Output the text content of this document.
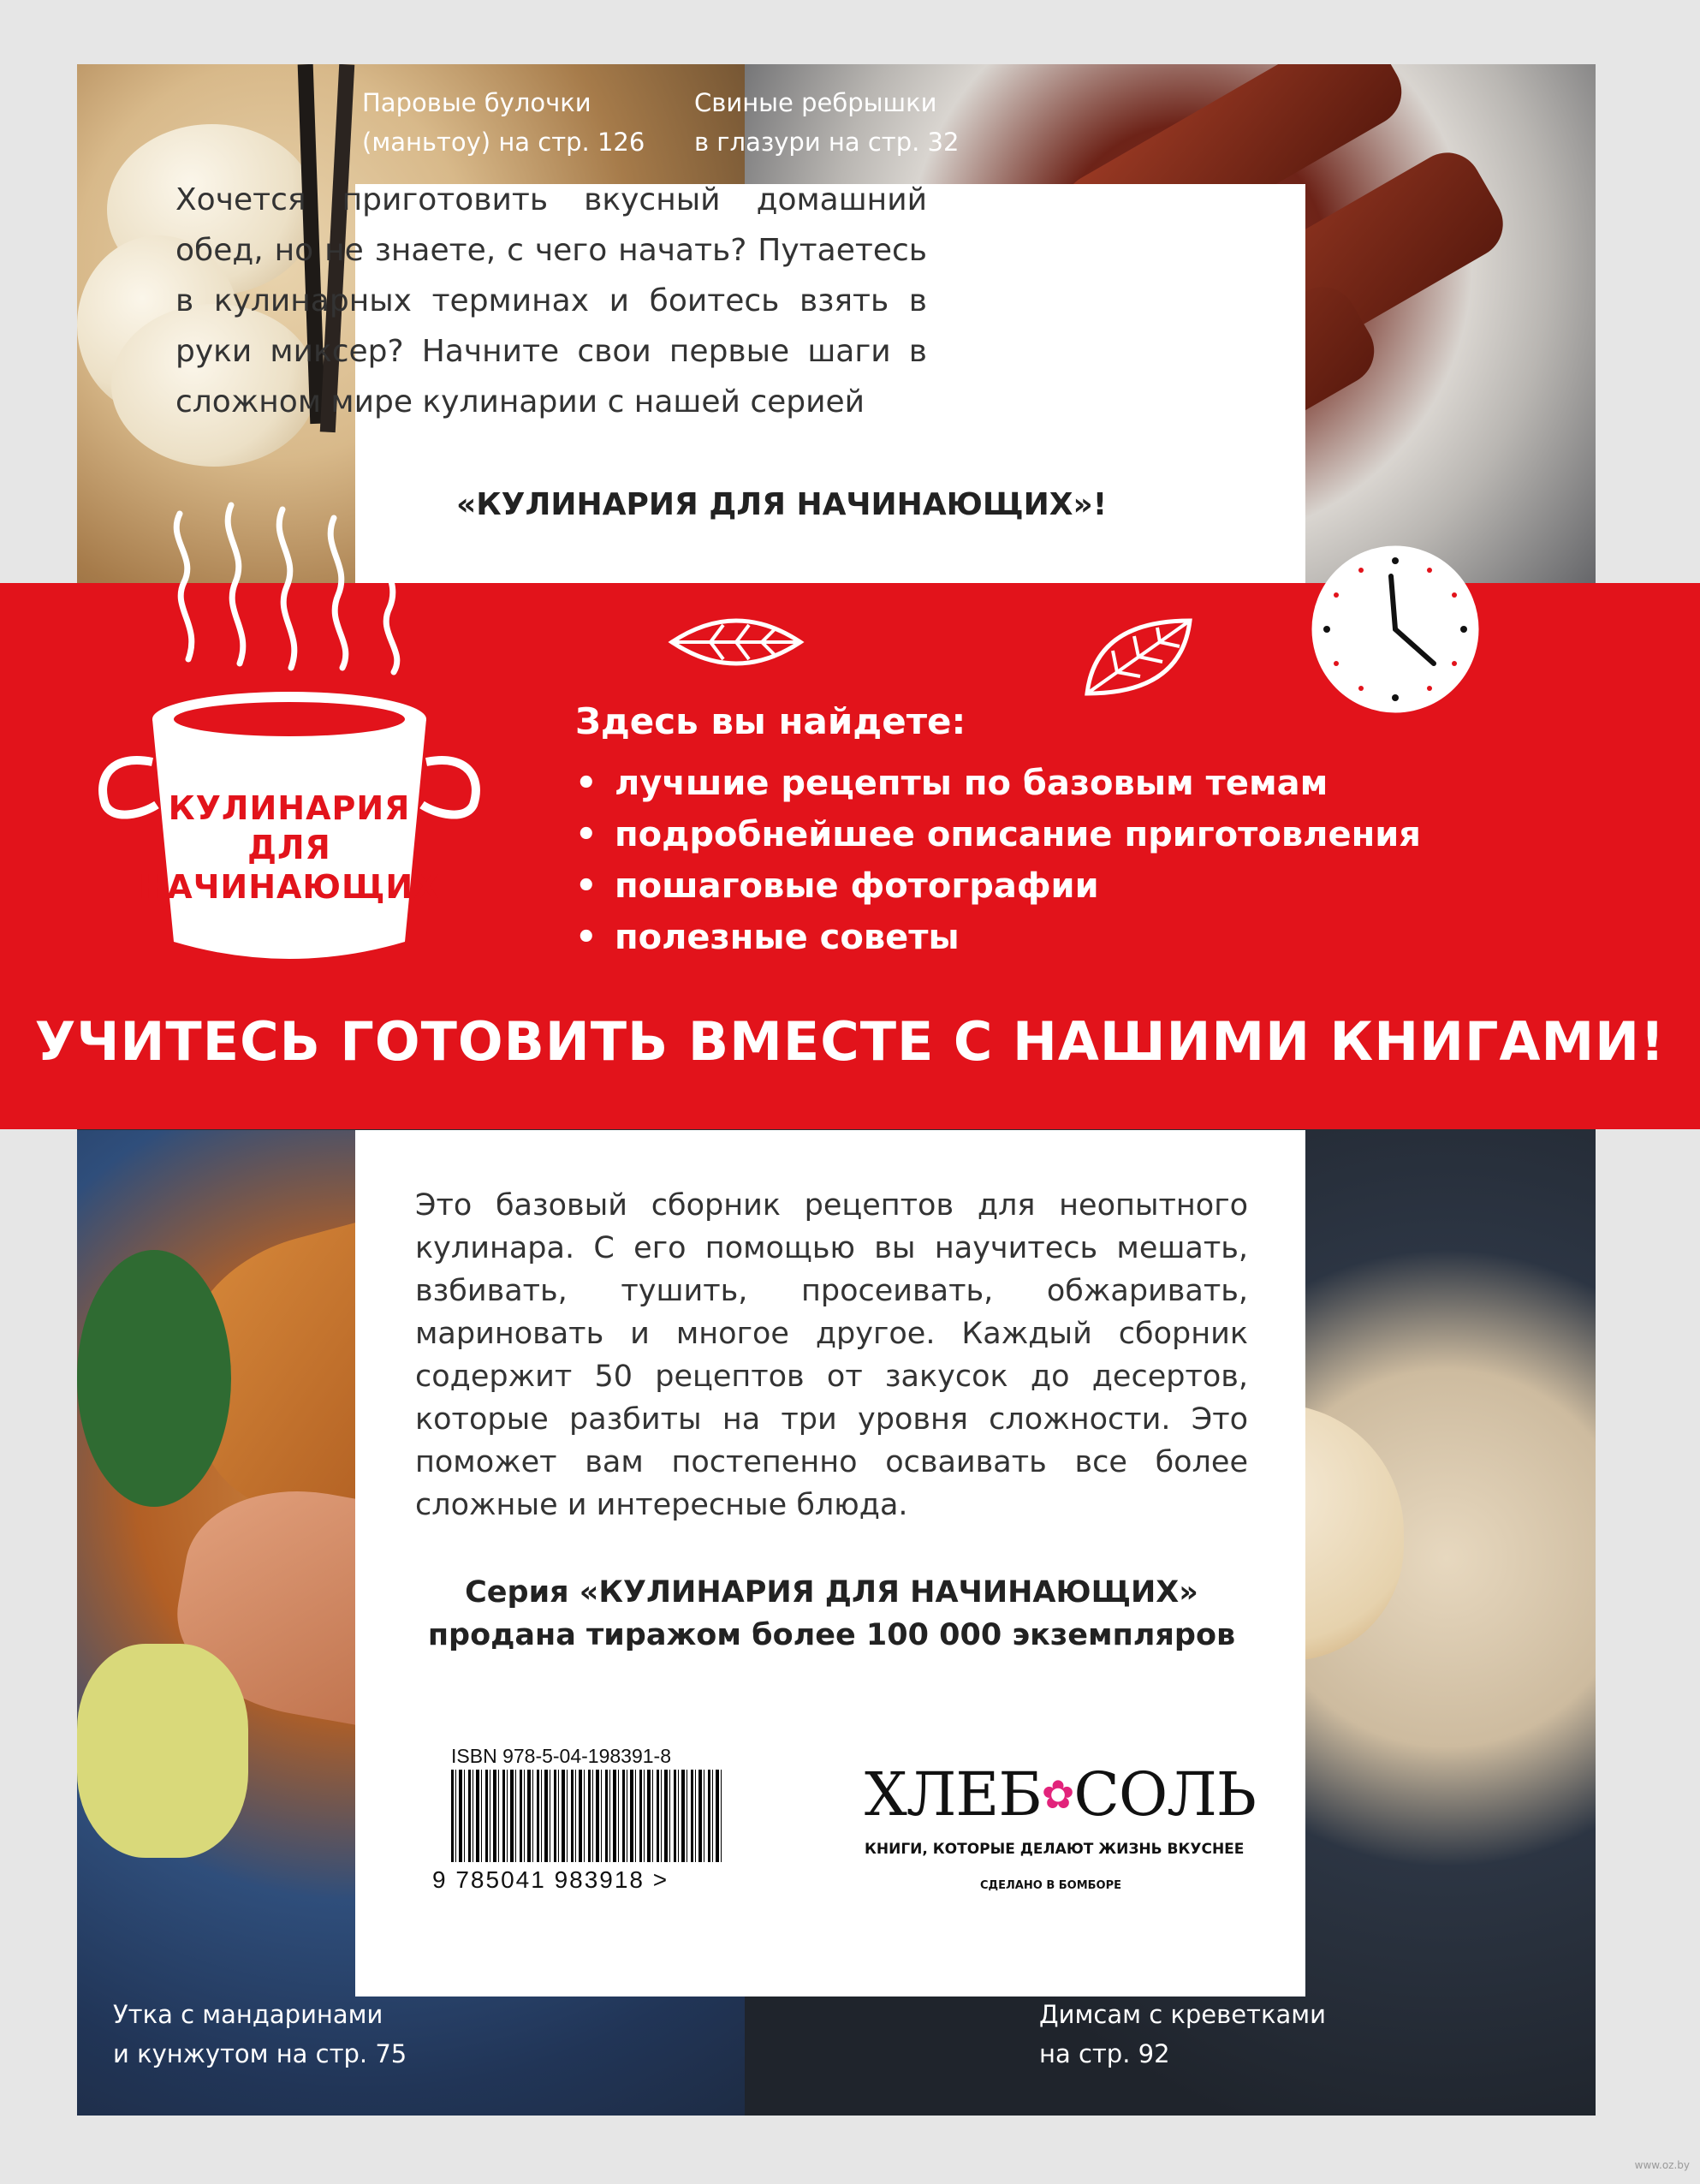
Паровые булочки
(маньтоу) на стр. 126
Свиные ребрышки
в глазури на стр. 32
Утка с мандаринами
и кунжутом на стр. 75
Димсам с креветками
на стр. 92
Хочется приготовить вкусный домашний обед, но не знаете, с чего начать? Путаетесь в кулинарных терминах и боитесь взять в руки миксер? Начните свои первые шаги в сложном мире кулинарии с нашей серией
«КУЛИНАРИЯ ДЛЯ НАЧИНАЮЩИХ»!
КУЛИНАРИЯ
ДЛЯ
НАЧИНАЮЩИХ
Здесь вы найдете:
• лучшие рецепты по базовым темам
• подробнейшее описание приготовления
• пошаговые фотографии
• полезные советы
УЧИТЕСЬ ГОТОВИТЬ ВМЕСТЕ С НАШИМИ КНИГАМИ!
Это базовый сборник рецептов для неопытного кулинара. С его помощью вы научитесь мешать, взбивать, тушить, просеивать, обжаривать, мариновать и многое другое. Каждый сборник содержит 50 рецептов от закусок до десертов, которые разбиты на три уровня сложности. Это поможет вам постепенно осваивать все более сложные и интересные блюда.
Серия «КУЛИНАРИЯ ДЛЯ НАЧИНАЮЩИХ»
продана тиражом более 100 000 экземпляров
ISBN 978-5-04-198391-8
9 785041 983918 >
ХЛЕБ✿СОЛЬ
КНИГИ, КОТОРЫЕ ДЕЛАЮТ ЖИЗНЬ ВКУСНЕЕ
СДЕЛАНО В БОМБОРЕ
www.oz.by
